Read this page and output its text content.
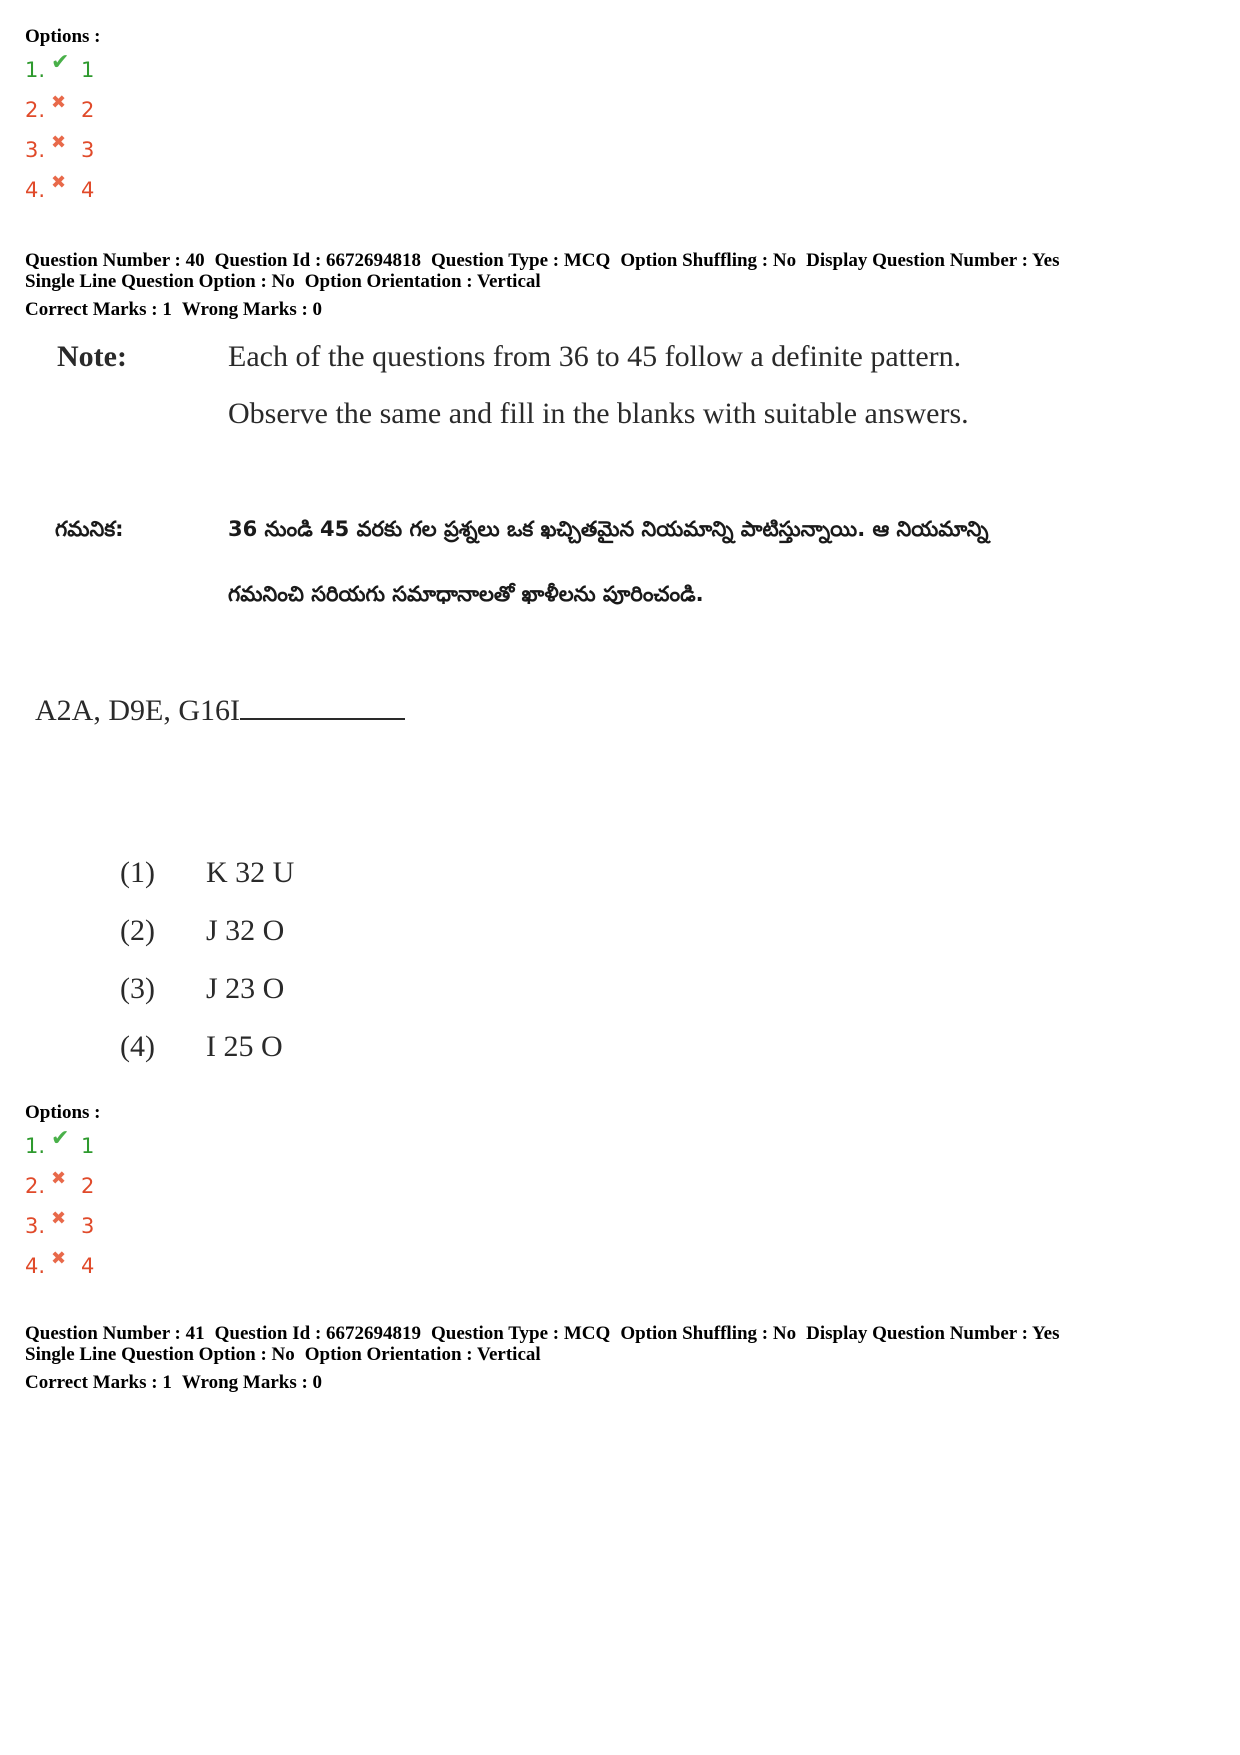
Options :
1. ✔ 1
2. ✖ 2
3. ✖ 3
4. ✖ 4
Question Number : 40 Question Id : 6672694818 Question Type : MCQ Option Shuffling : No Display Question Number : Yes
Single Line Question Option : No Option Orientation : Vertical
Correct Marks : 1 Wrong Marks : 0
Note:	Each of the questions from 36 to 45 follow a definite pattern.
Observe the same and fill in the blanks with suitable answers.
గమనిక:	36 నుండి 45 వరకు గల ప్రశ్నలు ఒక ఖచ్చితమైన నియమాన్ని పాటిస్తున్నాయి. ఆ నియమాన్ని
గమనించి సరియగు సమాధానాలతో ఖాళీలను పూరించండి.
A2A, D9E, G16I
(1)	K 32 U
(2)	J 32 O
(3)	J 23 O
(4)	I 25 O
Options :
1. ✔ 1
2. ✖ 2
3. ✖ 3
4. ✖ 4
Question Number : 41 Question Id : 6672694819 Question Type : MCQ Option Shuffling : No Display Question Number : Yes
Single Line Question Option : No Option Orientation : Vertical
Correct Marks : 1 Wrong Marks : 0
